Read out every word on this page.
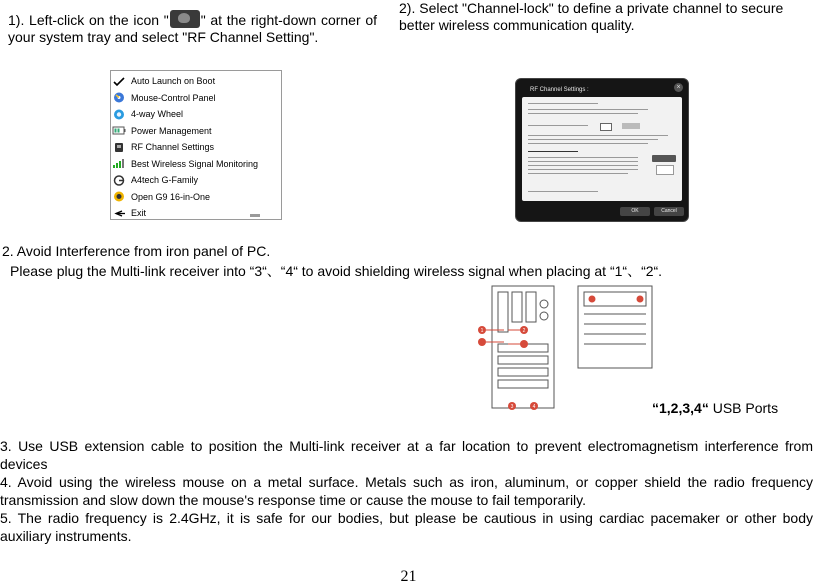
1). Left-click on the icon " " at the right-down corner of your system tray and select "RF Channel Setting".
2). Select "Channel-lock" to define a private channel to secure better wireless communication quality.
Auto Launch on Boot
Mouse-Control Panel
4-way Wheel
Power Management
RF Channel Settings
Best Wireless Signal Monitoring
A4tech G-Family
Open G9 16-in-One
Exit
RF Channel Settings :	×
OK	Cancel
2. Avoid Interference from iron panel of PC.
Please plug the Multi-link receiver into “3“、“4“ to avoid shielding wireless signal when placing at “1“、“2“.
1	2
3	4	“1,2,3,4“ USB Ports
3. Use USB extension cable to position the Multi-link receiver at a far location to prevent electromagnetism interference from devices
4. Avoid using the wireless mouse on a metal surface. Metals such as iron, aluminum, or copper shield the radio frequency transmission and slow down the mouse's response time or cause the mouse to fail temporarily.
5. The radio frequency is 2.4GHz, it is safe for our bodies, but please be cautious in using cardiac pacemaker or other body auxiliary instruments.
21
